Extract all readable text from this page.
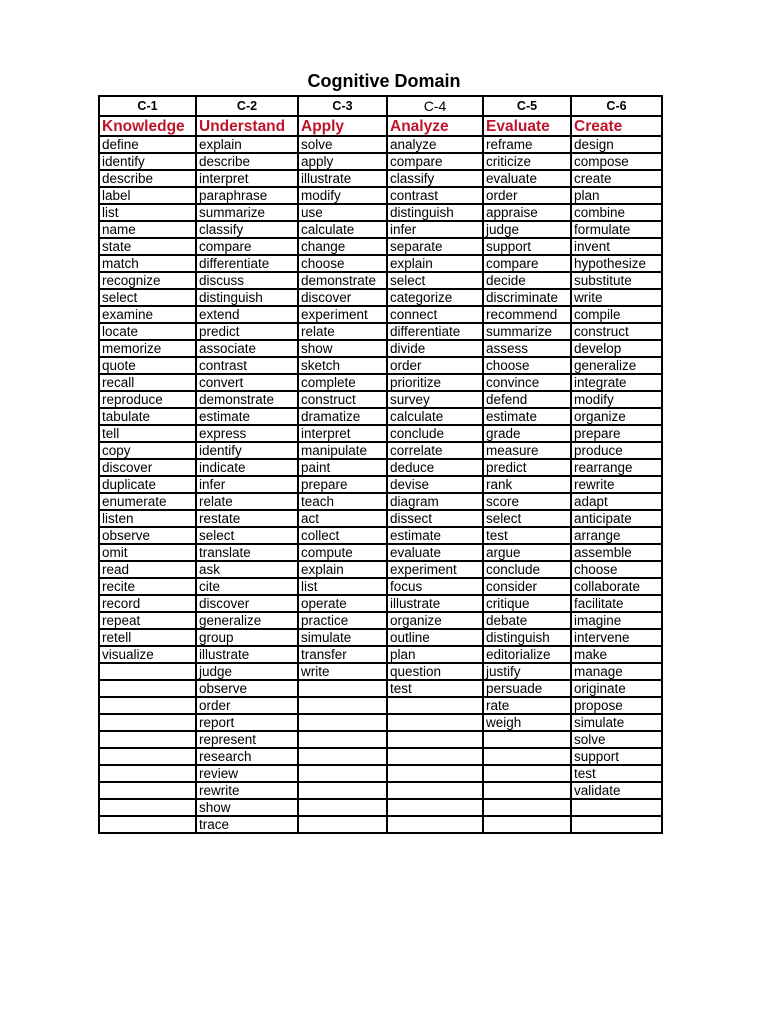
Cognitive Domain
C-1	C-2	C-3	C-4	C-5	C-6
Knowledge	Understand	Apply	Analyze	Evaluate	Create
define	explain	solve	analyze	reframe	design
identify	describe	apply	compare	criticize	compose
describe	interpret	illustrate	classify	evaluate	create
label	paraphrase	modify	contrast	order	plan
list	summarize	use	distinguish	appraise	combine
name	classify	calculate	infer	judge	formulate
state	compare	change	separate	support	invent
match	differentiate	choose	explain	compare	hypothesize
recognize	discuss	demonstrate	select	decide	substitute
select	distinguish	discover	categorize	discriminate	write
examine	extend	experiment	connect	recommend	compile
locate	predict	relate	differentiate	summarize	construct
memorize	associate	show	divide	assess	develop
quote	contrast	sketch	order	choose	generalize
recall	convert	complete	prioritize	convince	integrate
reproduce	demonstrate	construct	survey	defend	modify
tabulate	estimate	dramatize	calculate	estimate	organize
tell	express	interpret	conclude	grade	prepare
copy	identify	manipulate	correlate	measure	produce
discover	indicate	paint	deduce	predict	rearrange
duplicate	infer	prepare	devise	rank	rewrite
enumerate	relate	teach	diagram	score	adapt
listen	restate	act	dissect	select	anticipate
observe	select	collect	estimate	test	arrange
omit	translate	compute	evaluate	argue	assemble
read	ask	explain	experiment	conclude	choose
recite	cite	list	focus	consider	collaborate
record	discover	operate	illustrate	critique	facilitate
repeat	generalize	practice	organize	debate	imagine
retell	group	simulate	outline	distinguish	intervene
visualize	illustrate	transfer	plan	editorialize	make
	judge	write	question	justify	manage
	observe		test	persuade	originate
	order			rate	propose
	report			weigh	simulate
	represent				solve
	research				support
	review				test
	rewrite				validate
	show				
	trace				
